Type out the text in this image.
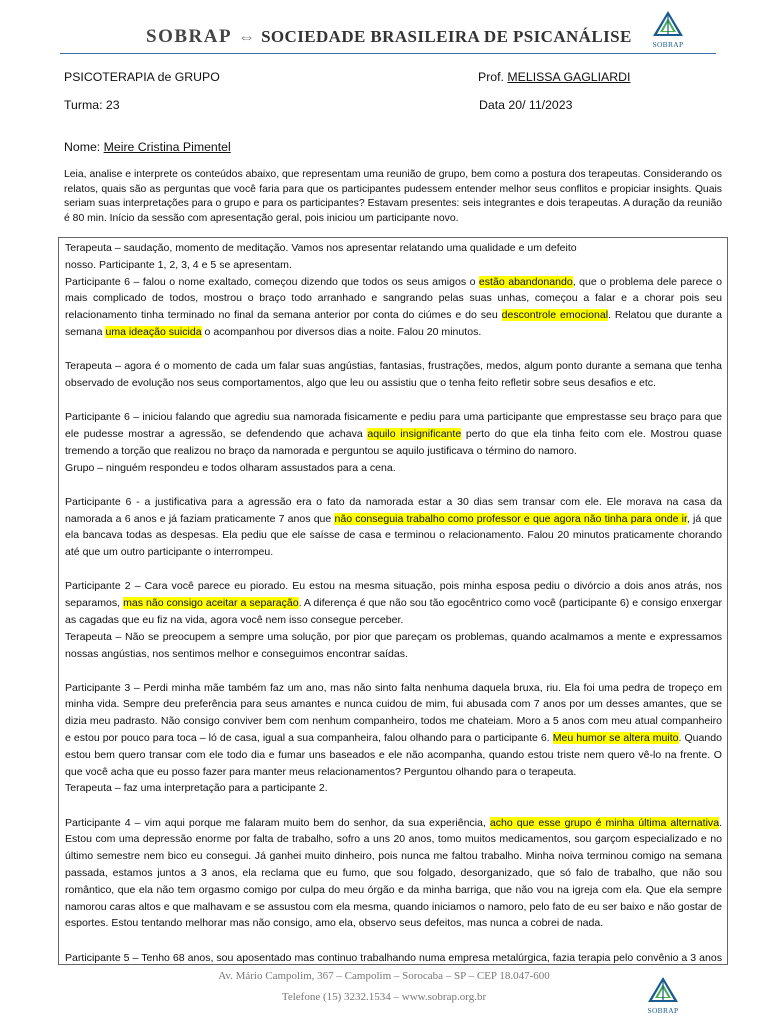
SOBRAP ⇔ SOCIEDADE BRASILEIRA DE PSICANÁLISE	SOBRAP
PSICOTERAPIA de GRUPO	Prof. MELISSA GAGLIARDI
Turma: 23	Data 20/ 11/2023
Nome: Meire Cristina Pimentel
Leia, analise e interprete os conteúdos abaixo, que representam uma reunião de grupo, bem como a postura dos terapeutas. Considerando os relatos, quais são as perguntas que você faria para que os participantes pudessem entender melhor seus conflitos e propiciar insights. Quais seriam suas interpretações para o grupo e para os participantes? Estavam presentes: seis integrantes e dois terapeutas. A duração da reunião é 80 min. Início da sessão com apresentação geral, pois iniciou um participante novo.

Terapeuta – saudação, momento de meditação. Vamos nos apresentar relatando uma qualidade e um defeito
nosso. Participante 1, 2, 3, 4 e 5 se apresentam.

Participante 6 – falou o nome exaltado, começou dizendo que todos os seus amigos o estão abandonando, que o problema dele parece o mais complicado de todos, mostrou o braço todo arranhado e sangrando pelas suas unhas, começou a falar e a chorar pois seu relacionamento tinha terminado no final da semana anterior por conta do ciúmes e do seu descontrole emocional. Relatou que durante a semana uma ideação suicida o acompanhou por diversos dias a noite. Falou 20 minutos.

Terapeuta – agora é o momento de cada um falar suas angústias, fantasias, frustrações, medos, algum ponto durante a semana que tenha observado de evolução nos seus comportamentos, algo que leu ou assistiu que o tenha feito refletir sobre seus desafios e etc.

Participante 6 – iniciou falando que agrediu sua namorada fisicamente e pediu para uma participante que emprestasse seu braço para que ele pudesse mostrar a agressão, se defendendo que achava aquilo insignificante perto do que ela tinha feito com ele. Mostrou quase tremendo a torção que realizou no braço da namorada e perguntou se aquilo justificava o término do namoro.

Grupo – ninguém respondeu e todos olharam assustados para a cena.

Participante 6 - a justificativa para a agressão era o fato da namorada estar a 30 dias sem transar com ele. Ele morava na casa da namorada a 6 anos e já faziam praticamente 7 anos que não conseguia trabalho como professor e que agora não tinha para onde ir, já que ela bancava todas as despesas. Ela pediu que ele saísse de casa e terminou o relacionamento. Falou 20 minutos praticamente chorando até que um outro participante o interrompeu.

Participante 2 – Cara você parece eu piorado. Eu estou na mesma situação, pois minha esposa pediu o divórcio a dois anos atrás, nos separamos, mas não consigo aceitar a separação. A diferença é que não sou tão egocêntrico como você (participante 6) e consigo enxergar as cagadas que eu fiz na vida, agora você nem isso consegue perceber.

Terapeuta – Não se preocupem a sempre uma solução, por pior que pareçam os problemas, quando acalmamos a mente e expressamos nossas angústias, nos sentimos melhor e conseguimos encontrar saídas.

Participante 3 – Perdi minha mãe também faz um ano, mas não sinto falta nenhuma daquela bruxa, riu. Ela foi uma pedra de tropeço em minha vida. Sempre deu preferência para seus amantes e nunca cuidou de mim, fui abusada com 7 anos por um desses amantes, que se dizia meu padrasto. Não consigo conviver bem com nenhum companheiro, todos me chateiam. Moro a 5 anos com meu atual companheiro e estou por pouco para toca – ló de casa, igual a sua companheira, falou olhando para o participante 6. Meu humor se altera muito. Quando estou bem quero transar com ele todo dia e fumar uns baseados e ele não acompanha, quando estou triste nem quero vê-lo na frente. O que você acha que eu posso fazer para manter meus relacionamentos? Perguntou olhando para o terapeuta.

Terapeuta – faz uma interpretação para a participante 2.

Participante 4 – vim aqui porque me falaram muito bem do senhor, da sua experiência, acho que esse grupo é minha última alternativa. Estou com uma depressão enorme por falta de trabalho, sofro a uns 20 anos, tomo muitos medicamentos, sou garçom especializado e no último semestre nem bico eu consegui. Já ganhei muito dinheiro, pois nunca me faltou trabalho. Minha noiva terminou comigo na semana passada, estamos juntos a 3 anos, ela reclama que eu fumo, que sou folgado, desorganizado, que só falo de trabalho, que não sou romântico, que ela não tem orgasmo comigo por culpa do meu órgão e da minha barriga, que não vou na igreja com ela. Que ela sempre namorou caras altos e que malhavam e se assustou com ela mesma, quando iniciamos o namoro, pelo fato de eu ser baixo e não gostar de esportes. Estou tentando melhorar mas não consigo, amo ela, observo seus defeitos, mas nunca a cobrei de nada.

Participante 5 – Tenho 68 anos, sou aposentado mas continuo trabalhando numa empresa metalúrgica, fazia terapia pelo convênio a 3 anos

Av. Mário Campolim, 367 – Campolim – Sorocaba – SP – CEP 18.047-600
Telefone (15) 3232.1534 – www.sobrap.org.br
SOBRAP
